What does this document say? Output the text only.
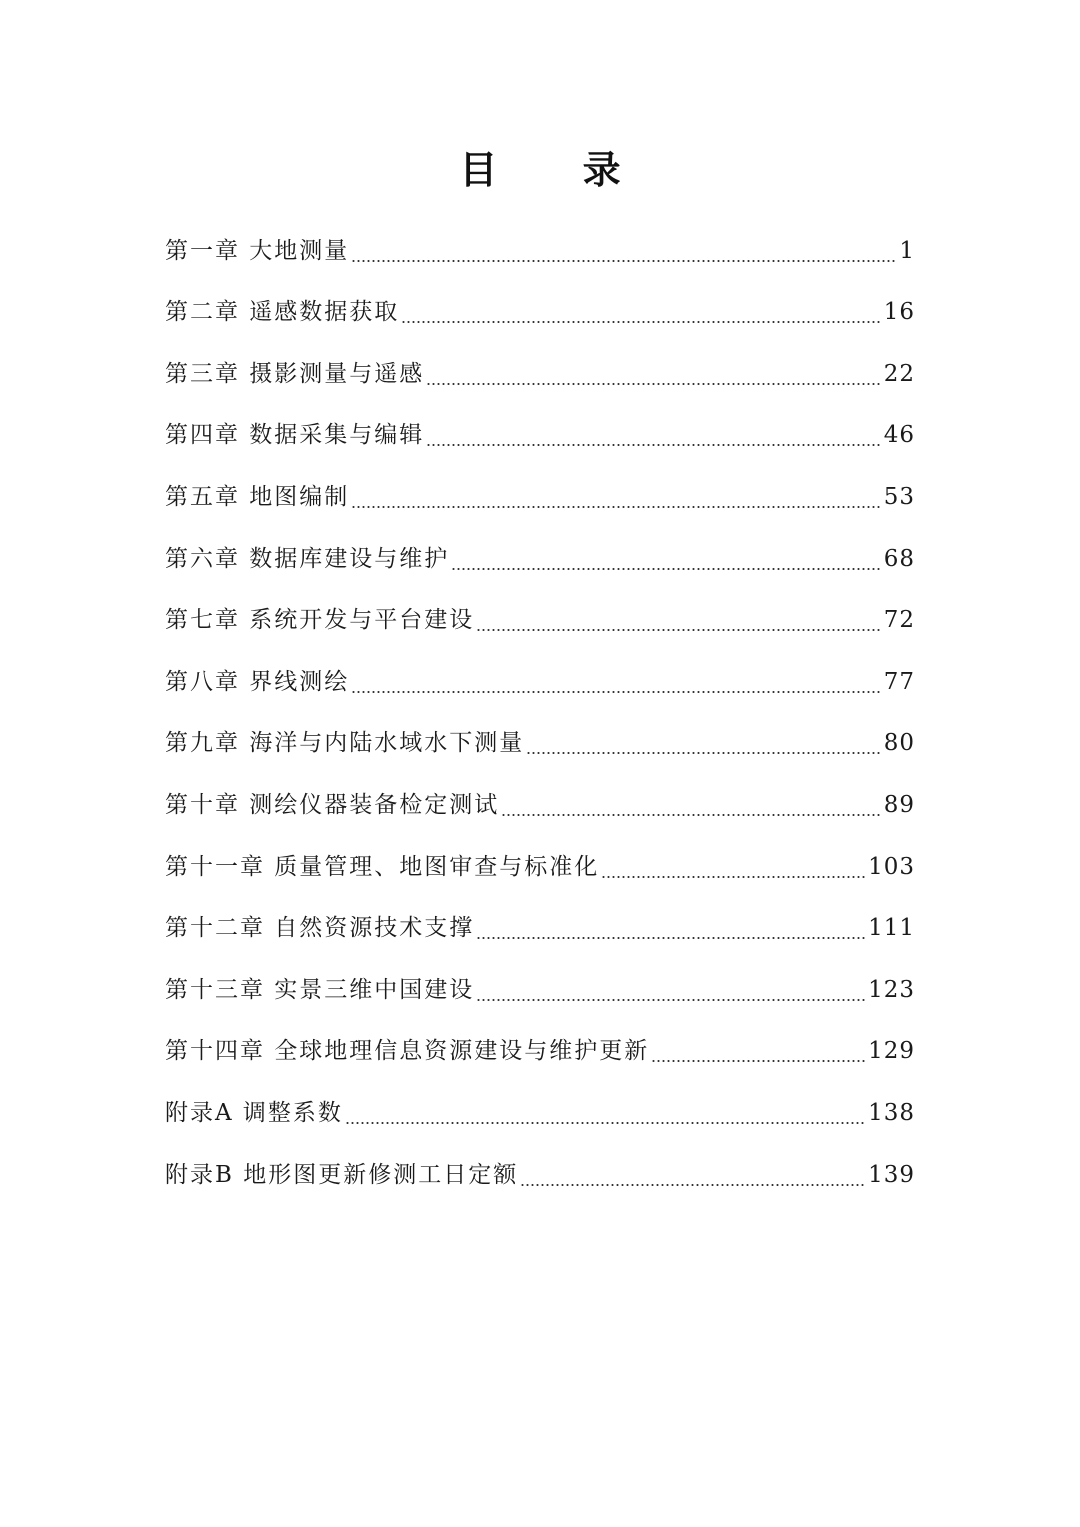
目 录
第一章 大地测量	1
第二章 遥感数据获取	16
第三章 摄影测量与遥感	22
第四章 数据采集与编辑	46
第五章 地图编制	53
第六章 数据库建设与维护	68
第七章 系统开发与平台建设	72
第八章 界线测绘	77
第九章 海洋与内陆水域水下测量	80
第十章 测绘仪器装备检定测试	89
第十一章 质量管理、地图审查与标准化	103
第十二章 自然资源技术支撑	111
第十三章 实景三维中国建设	123
第十四章 全球地理信息资源建设与维护更新	129
附录A 调整系数	138
附录B 地形图更新修测工日定额	139
